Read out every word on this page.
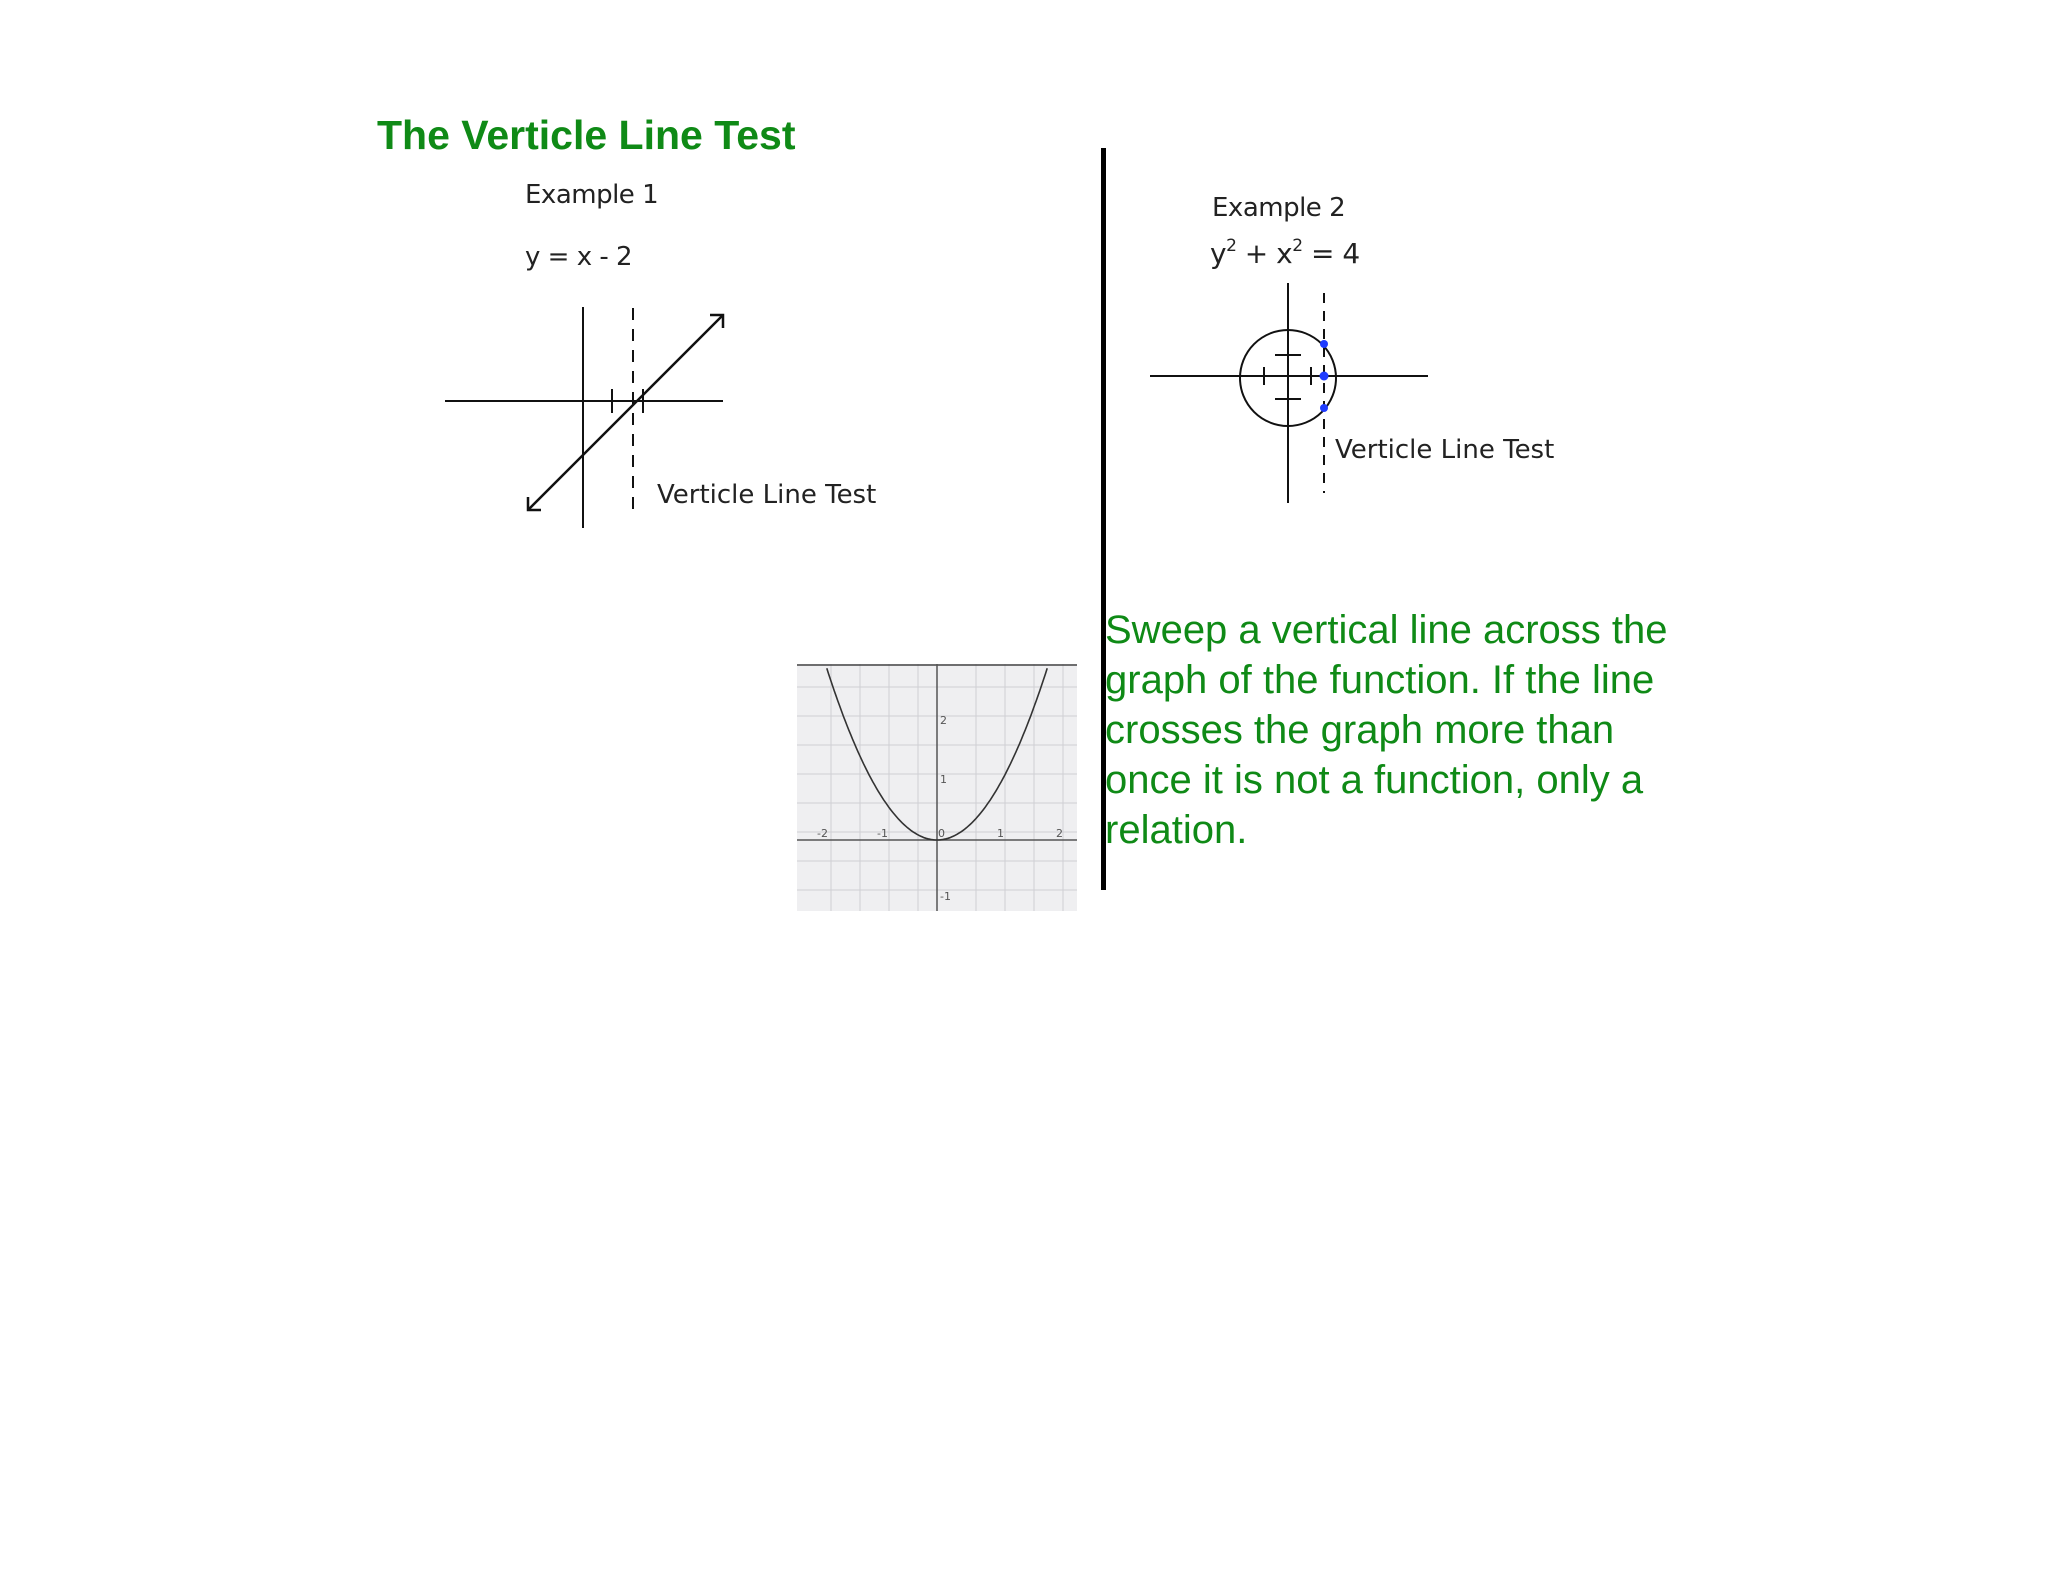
The Verticle Line Test
Example 1
y = x - 2
Verticle Line Test
Example 2
$y^2 + x^2 = 4$
Verticle Line Test
-2	-1	0	1	2
2
1
-1
Sweep a vertical line across the graph of the function. If the line crosses the graph more than once it is not a function, only a relation.
